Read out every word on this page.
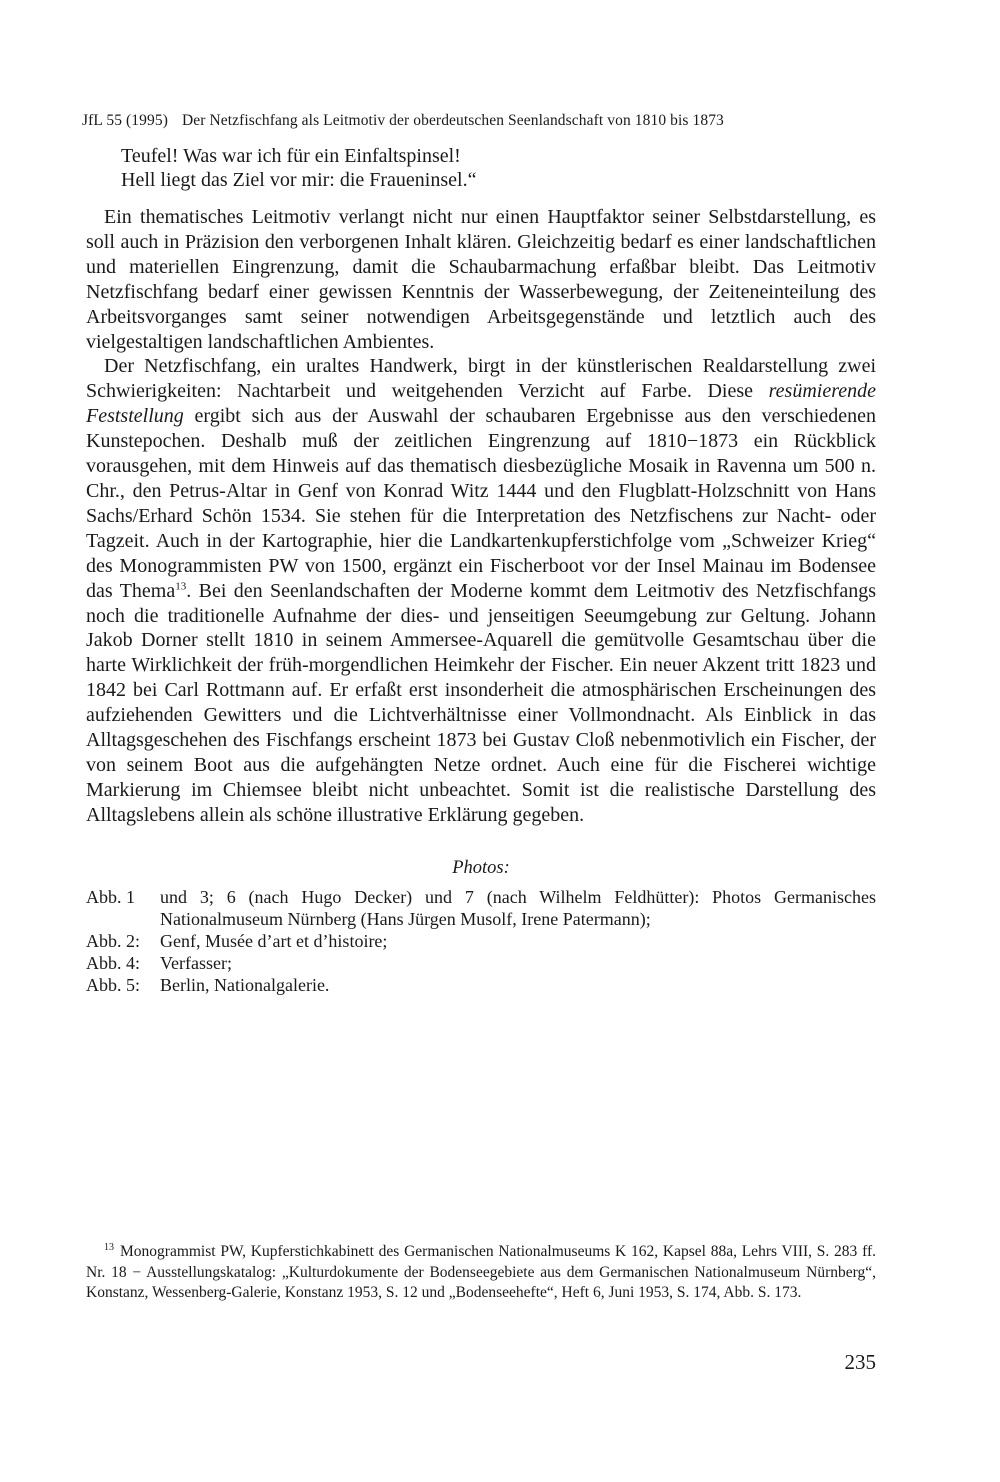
JfL 55 (1995) Der Netzfischfang als Leitmotiv der oberdeutschen Seenlandschaft von 1810 bis 1873
Teufel! Was war ich für ein Einfaltspinsel!
Hell liegt das Ziel vor mir: die Fraueninsel.“

Ein thematisches Leitmotiv verlangt nicht nur einen Hauptfaktor seiner Selbstdarstellung, es soll auch in Präzision den verborgenen Inhalt klären. Gleichzeitig bedarf es einer landschaftlichen und materiellen Eingrenzung, damit die Schaubarmachung erfaßbar bleibt. Das Leitmotiv Netzfischfang bedarf einer gewissen Kenntnis der Wasserbewegung, der Zeiteneinteilung des Arbeitsvorganges samt seiner notwendigen Arbeitsgegenstände und letztlich auch des vielgestaltigen landschaftlichen Ambientes.

Der Netzfischfang, ein uraltes Handwerk, birgt in der künstlerischen Realdarstellung zwei Schwierigkeiten: Nachtarbeit und weitgehenden Verzicht auf Farbe. Diese resümierende Feststellung ergibt sich aus der Auswahl der schaubaren Ergebnisse aus den verschiedenen Kunstepochen. Deshalb muß der zeitlichen Eingrenzung auf 1810−1873 ein Rückblick vorausgehen, mit dem Hinweis auf das thematisch diesbezügliche Mosaik in Ravenna um 500 n. Chr., den Petrus-Altar in Genf von Konrad Witz 1444 und den Flugblatt-Holzschnitt von Hans Sachs/Erhard Schön 1534. Sie stehen für die Interpretation des Netzfischens zur Nacht- oder Tagzeit. Auch in der Kartographie, hier die Landkartenkupferstichfolge vom „Schweizer Krieg“ des Monogrammisten PW von 1500, ergänzt ein Fischerboot vor der Insel Mainau im Bodensee das Thema$^{13}$. Bei den Seenlandschaften der Moderne kommt dem Leitmotiv des Netzfischfangs noch die traditionelle Aufnahme der dies- und jenseitigen Seeumgebung zur Geltung. Johann Jakob Dorner stellt 1810 in seinem Ammersee-Aquarell die gemütvolle Gesamtschau über die harte Wirklichkeit der früh-morgendlichen Heimkehr der Fischer. Ein neuer Akzent tritt 1823 und 1842 bei Carl Rottmann auf. Er erfaßt erst insonderheit die atmosphärischen Erscheinungen des aufziehenden Gewitters und die Lichtverhältnisse einer Vollmondnacht. Als Einblick in das Alltagsgeschehen des Fischfangs erscheint 1873 bei Gustav Cloß nebenmotivlich ein Fischer, der von seinem Boot aus die aufgehängten Netze ordnet. Auch eine für die Fischerei wichtige Markierung im Chiemsee bleibt nicht unbeachtet. Somit ist die realistische Darstellung des Alltagslebens allein als schöne illustrative Erklärung gegeben.

Photos:
Abb. 1	und 3; 6 (nach Hugo Decker) und 7 (nach Wilhelm Feldhütter): Photos Germanisches Nationalmuseum Nürnberg (Hans Jürgen Musolf, Irene Patermann);
Abb. 2:	Genf, Musée d’art et d’histoire;
Abb. 4:	Verfasser;
Abb. 5:	Berlin, Nationalgalerie.
$^{13}$ Monogrammist PW, Kupferstichkabinett des Germanischen Nationalmuseums K 162, Kapsel 88a, Lehrs VIII, S. 283 ff. Nr. 18 − Ausstellungskatalog: „Kulturdokumente der Bodenseegebiete aus dem Germanischen Nationalmuseum Nürnberg“, Konstanz, Wessenberg-Galerie, Konstanz 1953, S. 12 und „Bodenseehefte“, Heft 6, Juni 1953, S. 174, Abb. S. 173.
235
